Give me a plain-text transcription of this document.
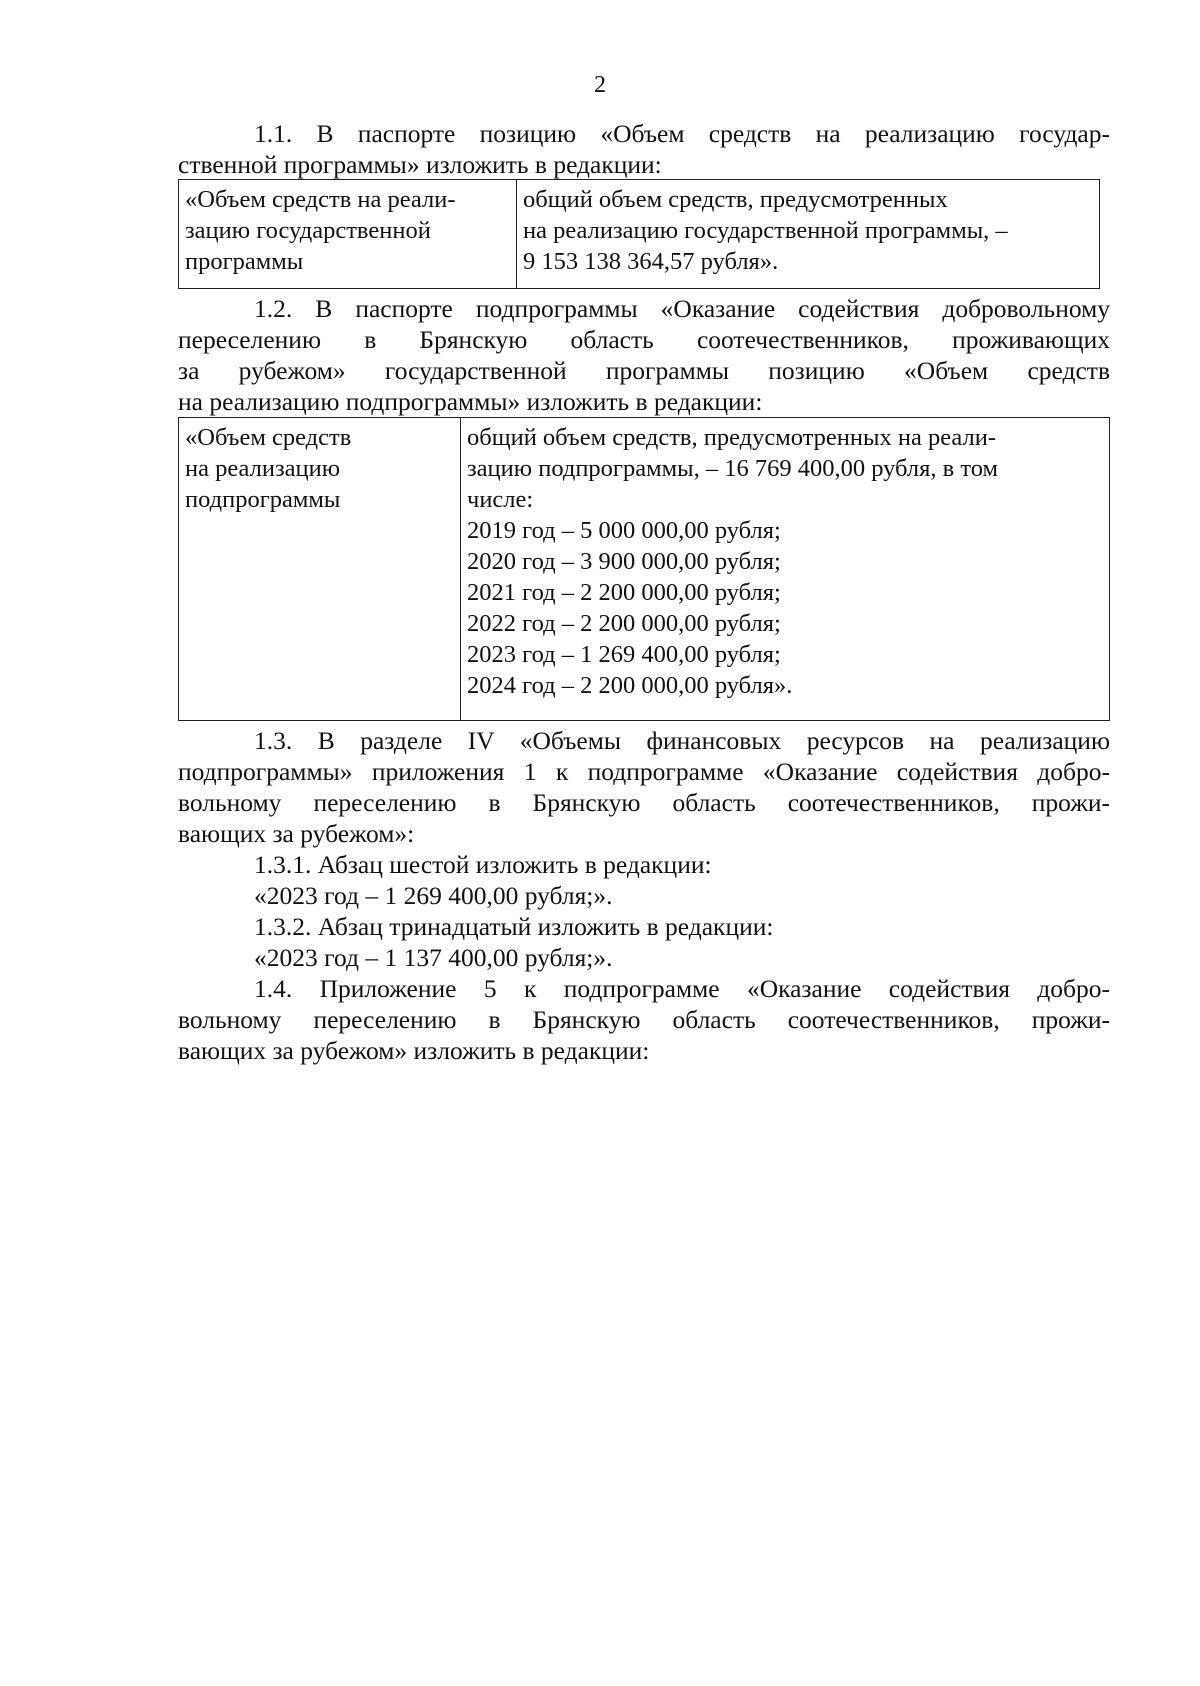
2
1.1. В паспорте позицию «Объем средств на реализацию государ-
ственной программы» изложить в редакции:
«Объем средств на реали-
зацию государственной
программы
общий объем средств, предусмотренных
на реализацию государственной программы, –
9 153 138 364,57 рубля».
1.2. В паспорте подпрограммы «Оказание содействия добровольному
переселению в Брянскую область соотечественников, проживающих
за рубежом» государственной программы позицию «Объем средств
на реализацию подпрограммы» изложить в редакции:
«Объем средств
на реализацию
подпрограммы
общий объем средств, предусмотренных на реали-
зацию подпрограммы, – 16 769 400,00 рубля, в том
числе:
2019 год – 5 000 000,00 рубля;
2020 год – 3 900 000,00 рубля;
2021 год – 2 200 000,00 рубля;
2022 год – 2 200 000,00 рубля;
2023 год – 1 269 400,00 рубля;
2024 год – 2 200 000,00 рубля».
1.3. В разделе IV «Объемы финансовых ресурсов на реализацию
подпрограммы» приложения 1 к подпрограмме «Оказание содействия добро-
вольному переселению в Брянскую область соотечественников, прожи-
вающих за рубежом»:
1.3.1. Абзац шестой изложить в редакции:
«2023 год – 1 269 400,00 рубля;».
1.3.2. Абзац тринадцатый изложить в редакции:
«2023 год – 1 137 400,00 рубля;».
1.4. Приложение 5 к подпрограмме «Оказание содействия добро-
вольному переселению в Брянскую область соотечественников, прожи-
вающих за рубежом» изложить в редакции:
